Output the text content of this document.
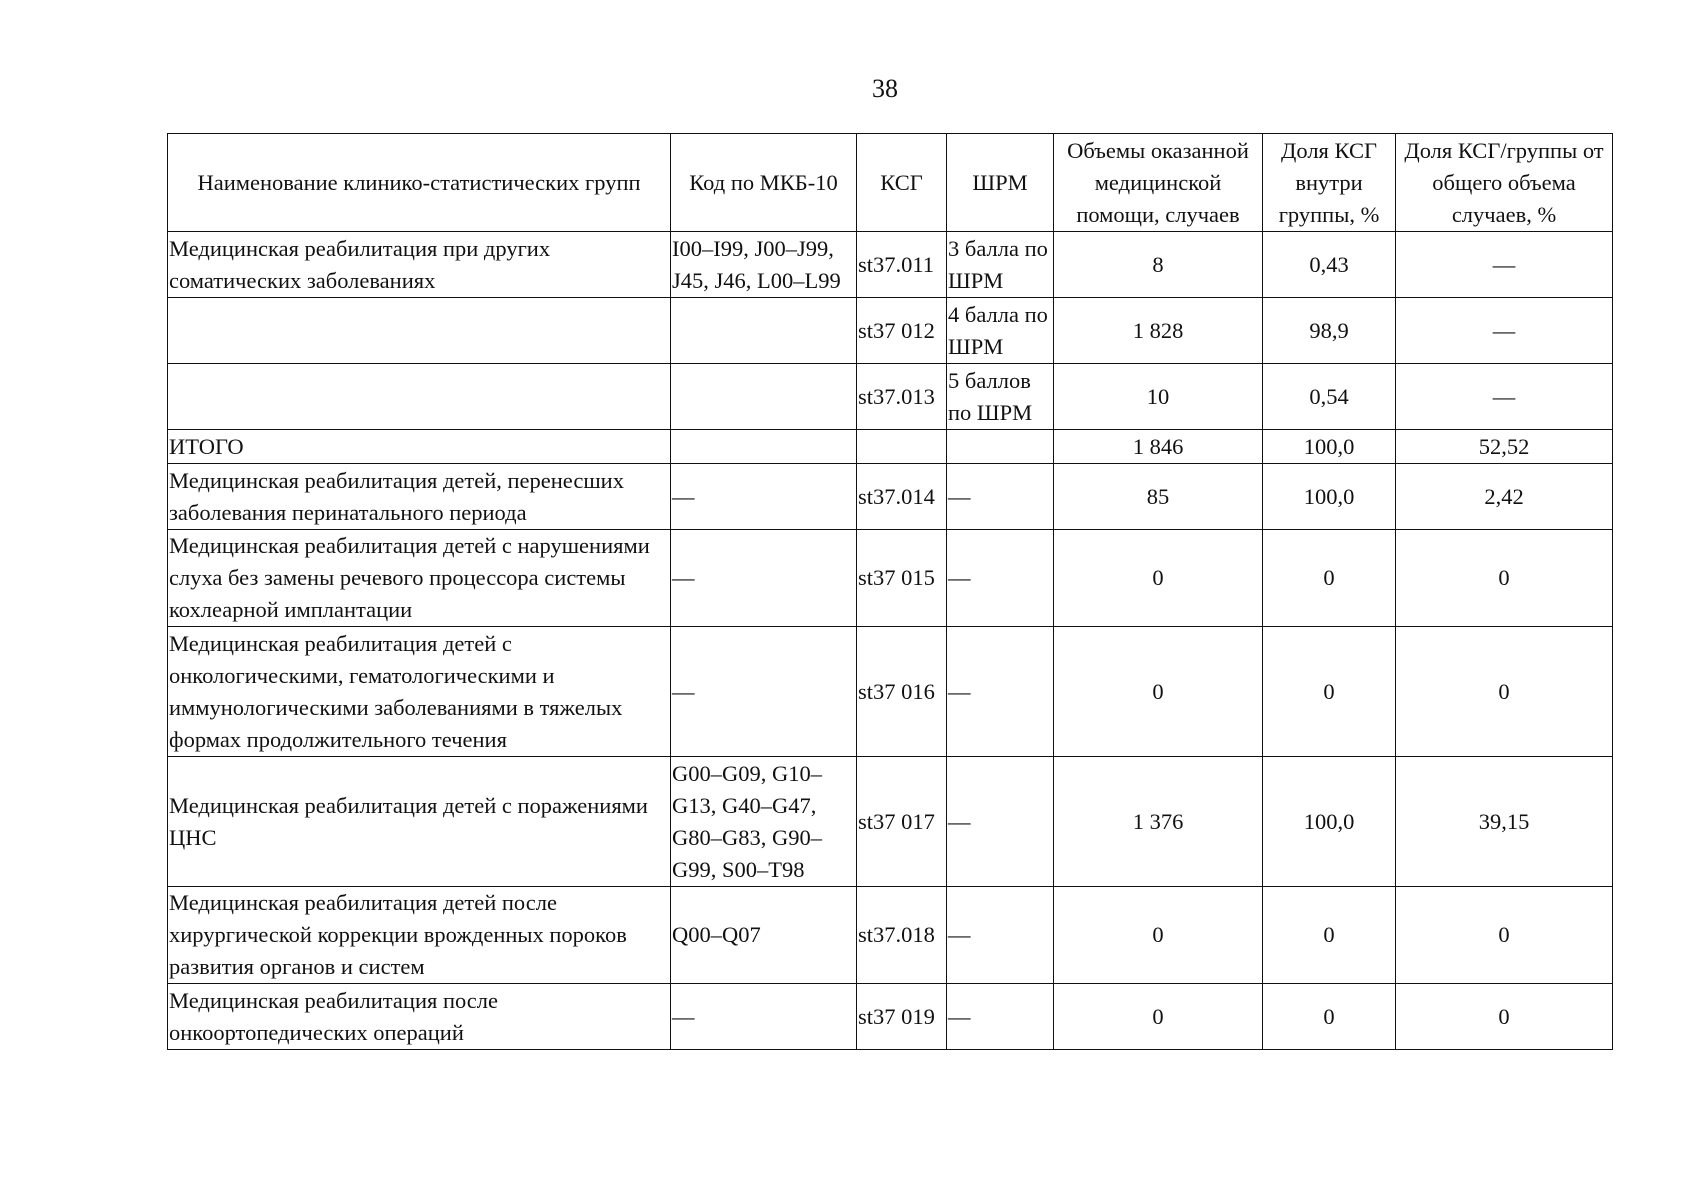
38
Наименование клинико-статистических групп	Код по МКБ-10	КСГ	ШРМ	Объемы оказанной медицинской помощи, случаев	Доля КСГ внутри группы, %	Доля КСГ/группы от общего объема случаев, %
Медицинская реабилитация при других соматических заболеваниях	I00–I99, J00–J99, J45, J46, L00–L99	st37.011	3 балла по ШРМ	8	0,43	—
		st37 012	4 балла по ШРМ	1 828	98,9	—
		st37.013	5 баллов по ШРМ	10	0,54	—
ИТОГО				1 846	100,0	52,52
Медицинская реабилитация детей, перенесших заболевания перинатального периода	—	st37.014	—	85	100,0	2,42
Медицинская реабилитация детей с нарушениями слуха без замены речевого процессора системы кохлеарной имплантации	—	st37 015	—	0	0	0
Медицинская реабилитация детей с онкологическими, гематологическими и иммунологическими заболеваниями в тяжелых формах продолжительного течения	—	st37 016	—	0	0	0
Медицинская реабилитация детей с поражениями ЦНС	G00–G09, G10–G13, G40–G47, G80–G83, G90–G99, S00–T98	st37 017	—	1 376	100,0	39,15
Медицинская реабилитация детей после хирургической коррекции врожденных пороков развития органов и систем	Q00–Q07	st37.018	—	0	0	0
Медицинская реабилитация после онкоортопедических операций	—	st37 019	—	0	0	0
